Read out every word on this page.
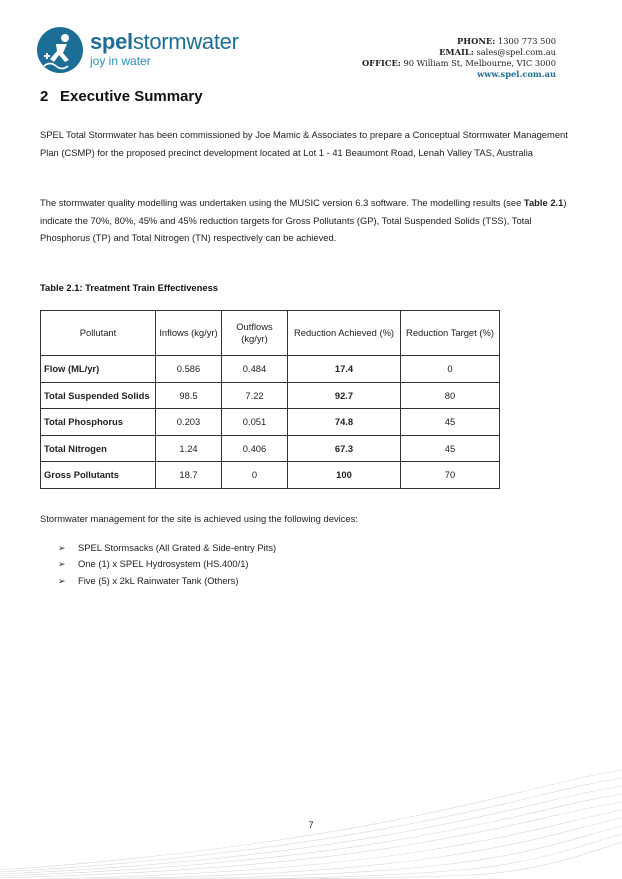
spelstormwater
joy in water
PHONE: 1300 773 500
EMAIL: sales@spel.com.au
OFFICE: 90 William St, Melbourne, VIC 3000
www.spel.com.au
2 Executive Summary
SPEL Total Stormwater has been commissioned by Joe Mamic & Associates to prepare a Conceptual Stormwater Management Plan (CSMP) for the proposed precinct development located at Lot 1 - 41 Beaumont Road, Lenah Valley TAS, Australia
The stormwater quality modelling was undertaken using the MUSIC version 6.3 software. The modelling results (see Table 2.1) indicate the 70%, 80%, 45% and 45% reduction targets for Gross Pollutants (GP), Total Suspended Solids (TSS), Total Phosphorus (TP) and Total Nitrogen (TN) respectively can be achieved.
Table 2.1: Treatment Train Effectiveness
Pollutant	Inflows (kg/yr)	Outflows (kg/yr)	Reduction Achieved (%)	Reduction Target (%)
Flow (ML/yr)	0.586	0.484	17.4	0
Total Suspended Solids	98.5	7.22	92.7	80
Total Phosphorus	0.203	0.051	74.8	45
Total Nitrogen	1.24	0.406	67.3	45
Gross Pollutants	18.7	0	100	70
Stormwater management for the site is achieved using the following devices:
➢ SPEL Stormsacks (All Grated & Side-entry Pits)
➢ One (1) x SPEL Hydrosystem (HS.400/1)
➢ Five (5) x 2kL Rainwater Tank (Others)
7
